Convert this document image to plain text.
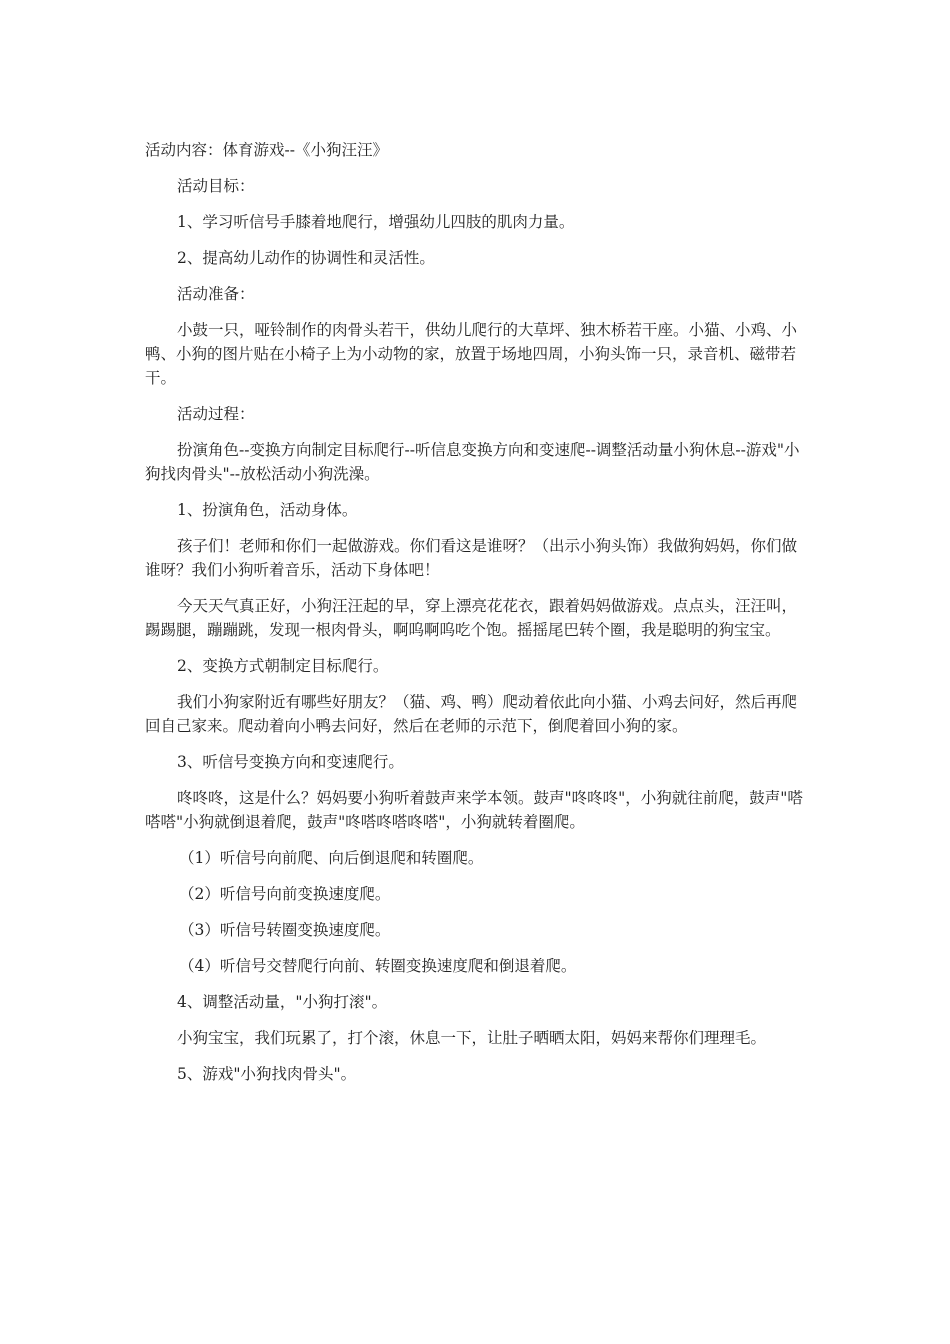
活动内容：体育游戏--《小狗汪汪》

活动目标：

1、学习听信号手膝着地爬行，增强幼儿四肢的肌肉力量。

2、提高幼儿动作的协调性和灵活性。

活动准备：

小鼓一只，哑铃制作的肉骨头若干，供幼儿爬行的大草坪、独木桥若干座。小猫、小鸡、小鸭、小狗的图片贴在小椅子上为小动物的家，放置于场地四周，小狗头饰一只，录音机、磁带若干。

活动过程：

扮演角色--变换方向制定目标爬行--听信息变换方向和变速爬--调整活动量小狗休息--游戏"小狗找肉骨头"--放松活动小狗洗澡。

1、扮演角色，活动身体。

孩子们！老师和你们一起做游戏。你们看这是谁呀？（出示小狗头饰）我做狗妈妈，你们做谁呀？我们小狗听着音乐，活动下身体吧！

今天天气真正好，小狗汪汪起的早，穿上漂亮花花衣，跟着妈妈做游戏。点点头，汪汪叫，踢踢腿，蹦蹦跳，发现一根肉骨头，啊呜啊呜吃个饱。摇摇尾巴转个圈，我是聪明的狗宝宝。

2、变换方式朝制定目标爬行。

我们小狗家附近有哪些好朋友？（猫、鸡、鸭）爬动着依此向小猫、小鸡去问好，然后再爬回自己家来。爬动着向小鸭去问好，然后在老师的示范下，倒爬着回小狗的家。

3、听信号变换方向和变速爬行。

咚咚咚，这是什么？妈妈要小狗听着鼓声来学本领。鼓声"咚咚咚"，小狗就往前爬，鼓声"嗒嗒嗒"小狗就倒退着爬，鼓声"咚嗒咚嗒咚嗒"，小狗就转着圈爬。

（1）听信号向前爬、向后倒退爬和转圈爬。

（2）听信号向前变换速度爬。

（3）听信号转圈变换速度爬。

（4）听信号交替爬行向前、转圈变换速度爬和倒退着爬。

4、调整活动量，"小狗打滚"。

小狗宝宝，我们玩累了，打个滚，休息一下，让肚子晒晒太阳，妈妈来帮你们理理毛。

5、游戏"小狗找肉骨头"。
